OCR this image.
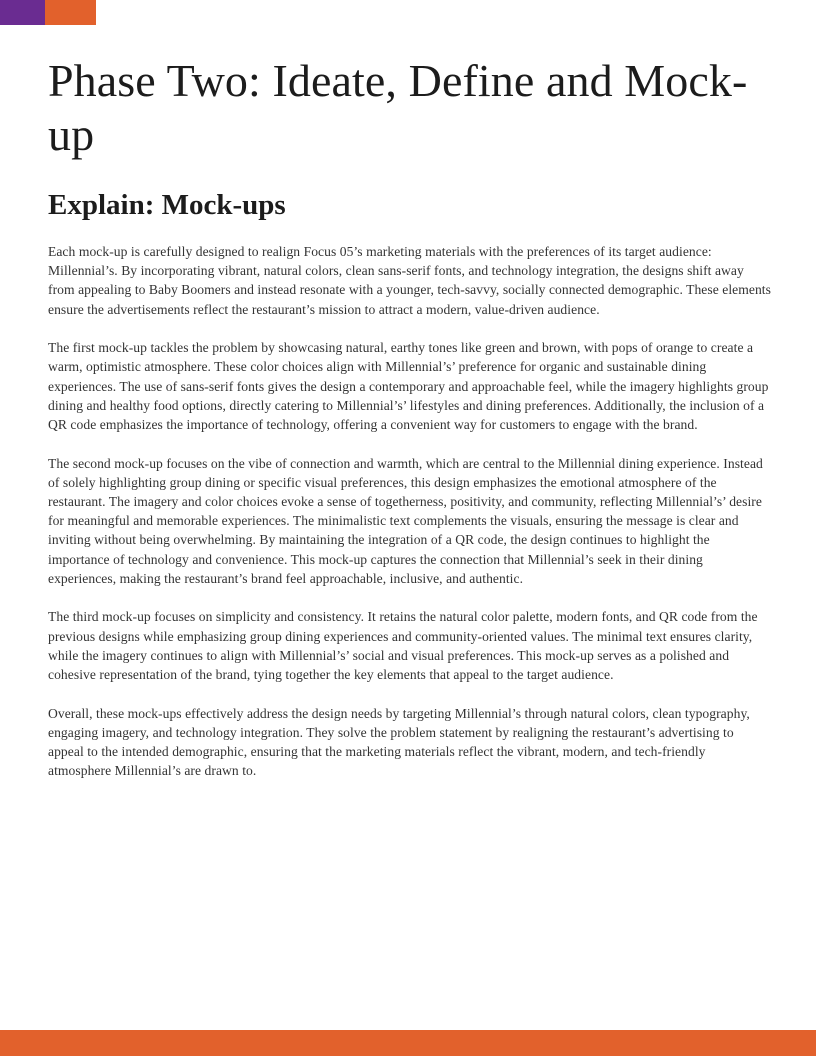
Phase Two: Ideate, Define and Mock-up
Explain: Mock-ups

Each mock-up is carefully designed to realign Focus 05’s marketing materials with the preferences of its target audience: Millennial’s. By incorporating vibrant, natural colors, clean sans-serif fonts, and technology integration, the designs shift away from appealing to Baby Boomers and instead resonate with a younger, tech-savvy, socially connected demographic. These elements ensure the advertisements reflect the restaurant’s mission to attract a modern, value-driven audience.

The first mock-up tackles the problem by showcasing natural, earthy tones like green and brown, with pops of orange to create a warm, optimistic atmosphere. These color choices align with Millennial’s’ preference for organic and sustainable dining experiences. The use of sans-serif fonts gives the design a contemporary and approachable feel, while the imagery highlights group dining and healthy food options, directly catering to Millennial’s’ lifestyles and dining preferences. Additionally, the inclusion of a QR code emphasizes the importance of technology, offering a convenient way for customers to engage with the brand.

The second mock-up focuses on the vibe of connection and warmth, which are central to the Millennial dining experience. Instead of solely highlighting group dining or specific visual preferences, this design emphasizes the emotional atmosphere of the restaurant. The imagery and color choices evoke a sense of togetherness, positivity, and community, reflecting Millennial’s’ desire for meaningful and memorable experiences. The minimalistic text complements the visuals, ensuring the message is clear and inviting without being overwhelming. By maintaining the integration of a QR code, the design continues to highlight the importance of technology and convenience. This mock-up captures the connection that Millennial’s seek in their dining experiences, making the restaurant’s brand feel approachable, inclusive, and authentic.

The third mock-up focuses on simplicity and consistency. It retains the natural color palette, modern fonts, and QR code from the previous designs while emphasizing group dining experiences and community-oriented values. The minimal text ensures clarity, while the imagery continues to align with Millennial’s’ social and visual preferences. This mock-up serves as a polished and cohesive representation of the brand, tying together the key elements that appeal to the target audience.

Overall, these mock-ups effectively address the design needs by targeting Millennial’s through natural colors, clean typography, engaging imagery, and technology integration. They solve the problem statement by realigning the restaurant’s advertising to appeal to the intended demographic, ensuring that the marketing materials reflect the vibrant, modern, and tech-friendly atmosphere Millennial’s are drawn to.
